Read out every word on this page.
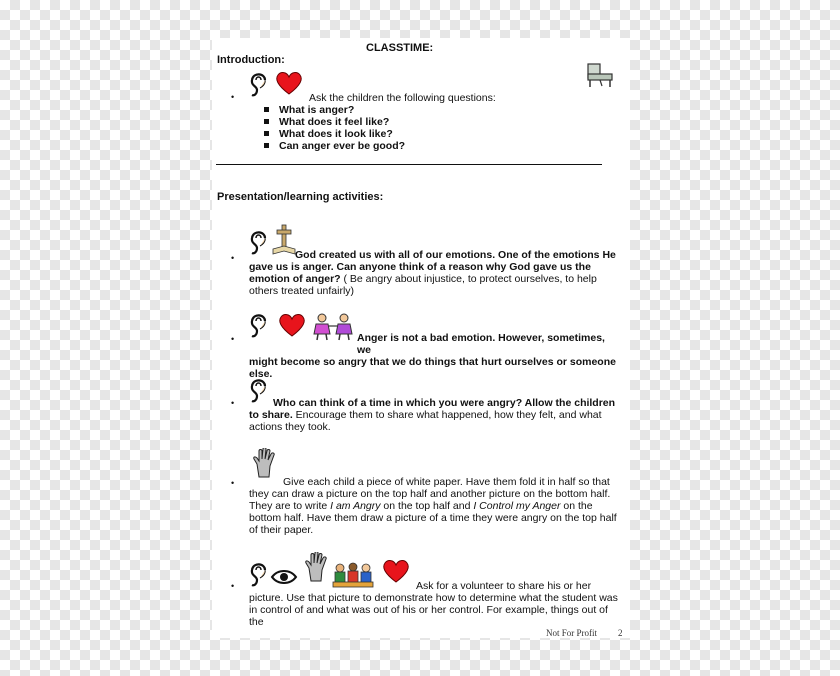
CLASSTIME:
Introduction:
•	Ask the children the following questions:
What is anger?
What does it feel like?
What does it look like?
Can anger ever be good?
Presentation/learning activities:
•	God created us with all of our emotions. One of the emotions He
gave us is anger. Can anyone think of a reason why God gave us the
emotion of anger? ( Be angry about injustice, to protect ourselves, to help
others treated unfairly)
•	Anger is not a bad emotion. However, sometimes, we
might become so angry that we do things that hurt ourselves or someone
else.
•	Who can think of a time in which you were angry? Allow the children
to share. Encourage them to share what happened, how they felt, and what
actions they took.
•	Give each child a piece of white paper. Have them fold it in half so that
they can draw a picture on the top half and another picture on the bottom half.
They are to write I am Angry on the top half and I Control my Anger on the
bottom half. Have them draw a picture of a time they were angry on the top half
of their paper.
•	Ask for a volunteer to share his or her
picture. Use that picture to demonstrate how to determine what the student was
in control of and what was out of his or her control. For example, things out of the
Not For Profit 2
